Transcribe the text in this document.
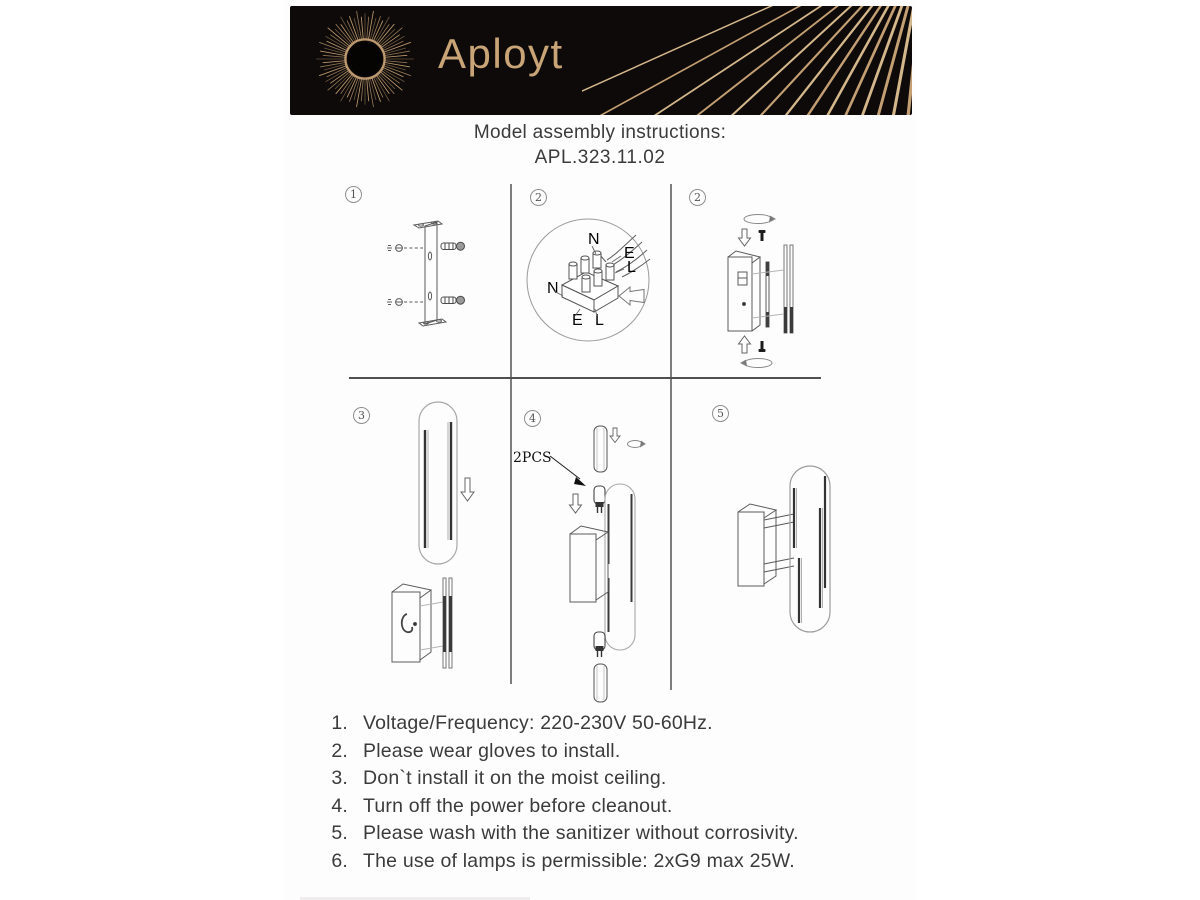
Aployt
Model assembly instructions:
APL.323.11.02
1	2	2
3	4	5
N
E
L
N
E L
2PCS
1. Voltage/Frequency: 220-230V 50-60Hz.
2. Please wear gloves to install.
3. Don`t install it on the moist ceiling.
4. Turn off the power before cleanout.
5. Please wash with the sanitizer without corrosivity.
6. The use of lamps is permissible: 2xG9 max 25W.
